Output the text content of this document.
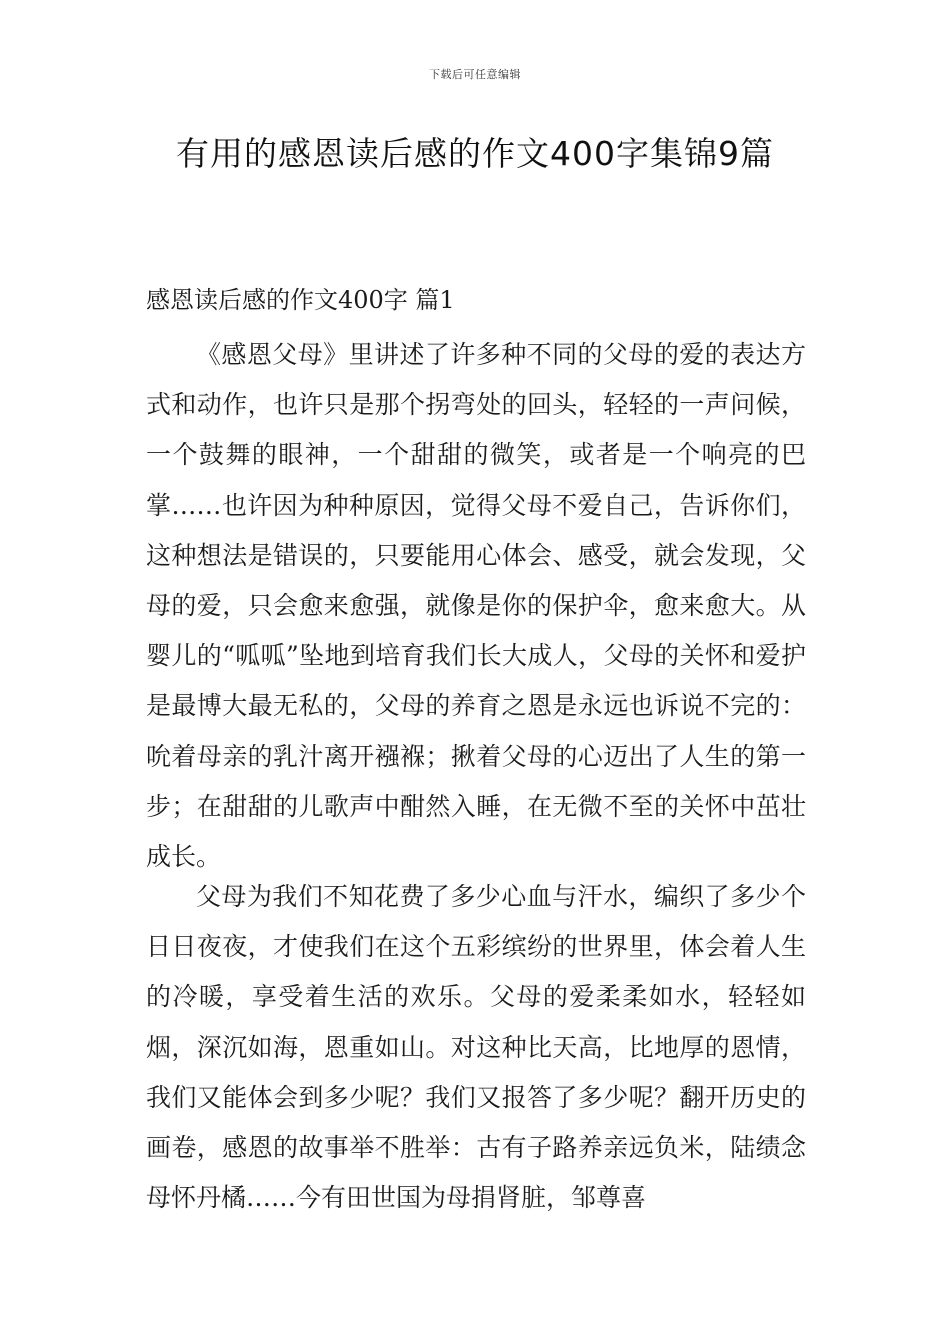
下载后可任意编辑
有用的感恩读后感的作文400字集锦9篇
感恩读后感的作文400字 篇1

《感恩父母》里讲述了许多种不同的父母的爱的表达方式和动作，也许只是那个拐弯处的回头，轻轻的一声问候，一个鼓舞的眼神，一个甜甜的微笑，或者是一个响亮的巴掌……也许因为种种原因，觉得父母不爱自己，告诉你们，这种想法是错误的，只要能用心体会、感受，就会发现，父母的爱，只会愈来愈强，就像是你的保护伞，愈来愈大。从婴儿的“呱呱”坠地到培育我们长大成人，父母的关怀和爱护是最博大最无私的，父母的养育之恩是永远也诉说不完的：吮着母亲的乳汁离开襁褓；揪着父母的心迈出了人生的第一步；在甜甜的儿歌声中酣然入睡，在无微不至的关怀中茁壮成长。

父母为我们不知花费了多少心血与汗水，编织了多少个日日夜夜，才使我们在这个五彩缤纷的世界里，体会着人生的冷暖，享受着生活的欢乐。父母的爱柔柔如水，轻轻如烟，深沉如海，恩重如山。对这种比天高，比地厚的恩情，我们又能体会到多少呢？我们又报答了多少呢？翻开历史的画卷，感恩的故事举不胜举：古有子路养亲远负米，陆绩念母怀丹橘……今有田世国为母捐肾脏，邹尊喜
